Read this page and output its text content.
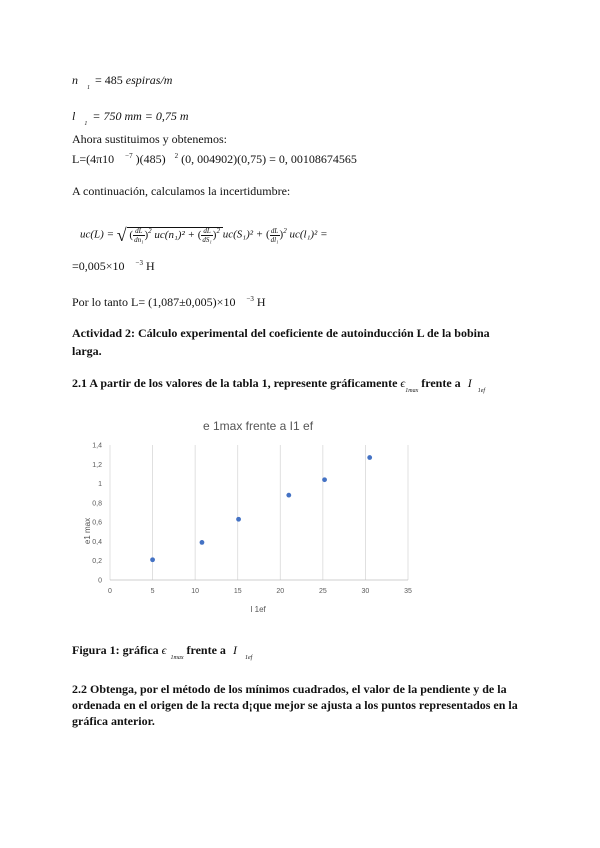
n $_1$ = 485 espiras/m
l $_1$ = 750 mm = 0,75 m
Ahora sustituimos y obtenemos:
L=(4π10 $^{-7}$ )(485) $^2$ (0, 004902)(0,75) = 0, 00108674565
A continuación, calculamos la incertidumbre:
uc(L) = √ ( $\frac{dL}{\text{dn₁}} )^2$ uc(n₁)² + ( $\frac{dL}{\text{dS₁}} )^2$ uc(S₁)² + ( $\frac{dL}{\text{dl₁}} )^2$ uc(l₁)² =
=0,005×10 $^{-3}$ H
Por lo tanto L= (1,087±0,005)×10 $^{-3}$ H
Actividad 2: Cálculo experimental del coeficiente de autoinducción L de la bobina
larga.
2.1 A partir de los valores de la tabla 1, represente gráficamente $\epsilon_{1max}$ frente a $I_{1ef}$
e 1max frente a I1 ef
0
0,2
0,4
0,6
0,8
1
1,2
1,4
0	5	10	15	20	25	30	35
e1 max
I 1ef
Figura 1: gráfica $\epsilon_{1max}$ frente a $I_{1ef}$
2.2 Obtenga, por el método de los mínimos cuadrados, el valor de la pendiente y de la
ordenada en el origen de la recta d¡que mejor se ajusta a los puntos representados en la
gráfica anterior.
